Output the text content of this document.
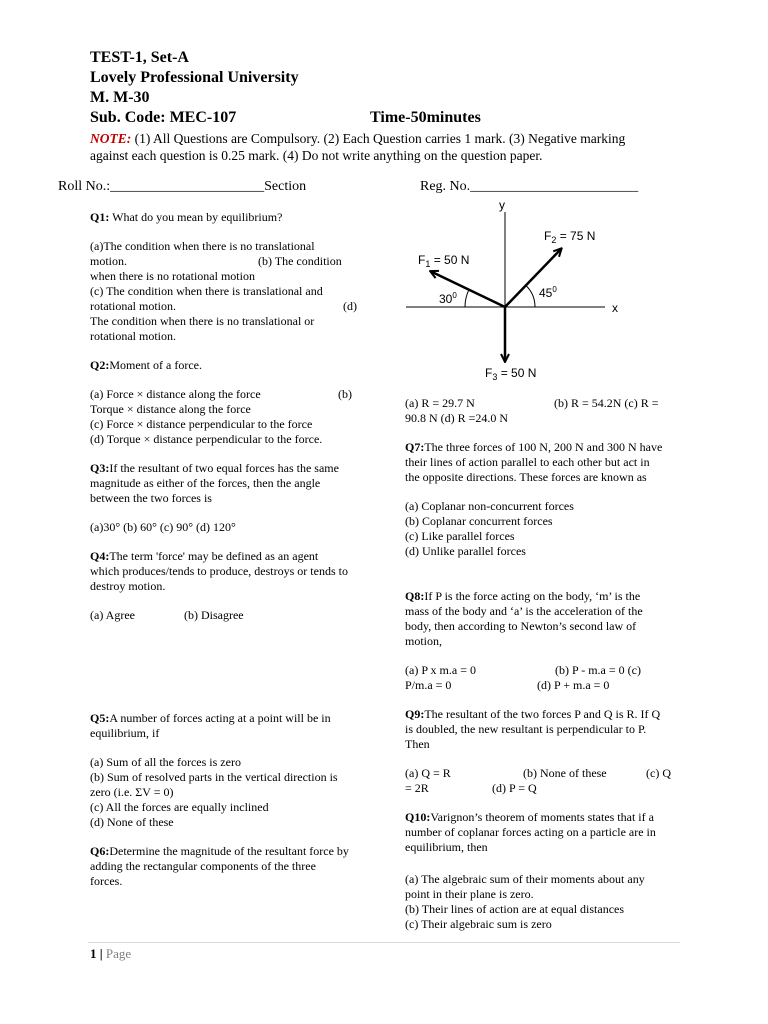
TEST-1, Set-A
Lovely Professional University
M. M-30
Sub. Code: MEC-107	Time-50minutes
NOTE: (1) All Questions are Compulsory. (2) Each Question carries 1 mark. (3) Negative marking
against each question is 0.25 mark. (4) Do not write anything on the question paper.
Roll No.:______________________Section	Reg. No.________________________
Q1: What do you mean by equilibrium?
(a)The condition when there is no translational
motion.	(b) The condition
when there is no rotational motion
(c) The condition when there is translational and
rotational motion.	(d)
The condition when there is no translational or
rotational motion.
Q2:Moment of a force.
(a) Force × distance along the force	(b)
Torque × distance along the force
(c) Force × distance perpendicular to the force
(d) Torque × distance perpendicular to the force.
Q3:If the resultant of two equal forces has the same
magnitude as either of the forces, then the angle
between the two forces is
(a)30° (b) 60° (c) 90° (d) 120°
Q4:The term 'force' may be defined as an agent
which produces/tends to produce, destroys or tends to
destroy motion.
(a) Agree	(b) Disagree
Q5:A number of forces acting at a point will be in
equilibrium, if
(a) Sum of all the forces is zero
(b) Sum of resolved parts in the vertical direction is
zero (i.e. ΣV = 0)
(c) All the forces are equally inclined
(d) None of these
Q6:Determine the magnitude of the resultant force by
adding the rectangular components of the three
forces.
y
x
$F_1 = 50$ N
$F_2 = 75$ N
$F_3 = 50$ N
$30^0$	$45^0$
(a) R = 29.7 N	(b) R = 54.2N (c) R =
90.8 N (d) R =24.0 N
Q7:The three forces of 100 N, 200 N and 300 N have
their lines of action parallel to each other but act in
the opposite directions. These forces are known as
(a) Coplanar non-concurrent forces
(b) Coplanar concurrent forces
(c) Like parallel forces
(d) Unlike parallel forces
Q8:If P is the force acting on the body, ‘m’ is the
mass of the body and ‘a’ is the acceleration of the
body, then according to Newton’s second law of
motion,
(a) P x m.a = 0	(b) P - m.a = 0 (c)
P/m.a = 0	(d) P + m.a = 0
Q9:The resultant of the two forces P and Q is R. If Q
is doubled, the new resultant is perpendicular to P.
Then
(a) Q = R	(b) None of these	(c) Q
= 2R	(d) P = Q
Q10:Varignon’s theorem of moments states that if a
number of coplanar forces acting on a particle are in
equilibrium, then
(a) The algebraic sum of their moments about any
point in their plane is zero.
(b) Their lines of action are at equal distances
(c) Their algebraic sum is zero
1 | Page
